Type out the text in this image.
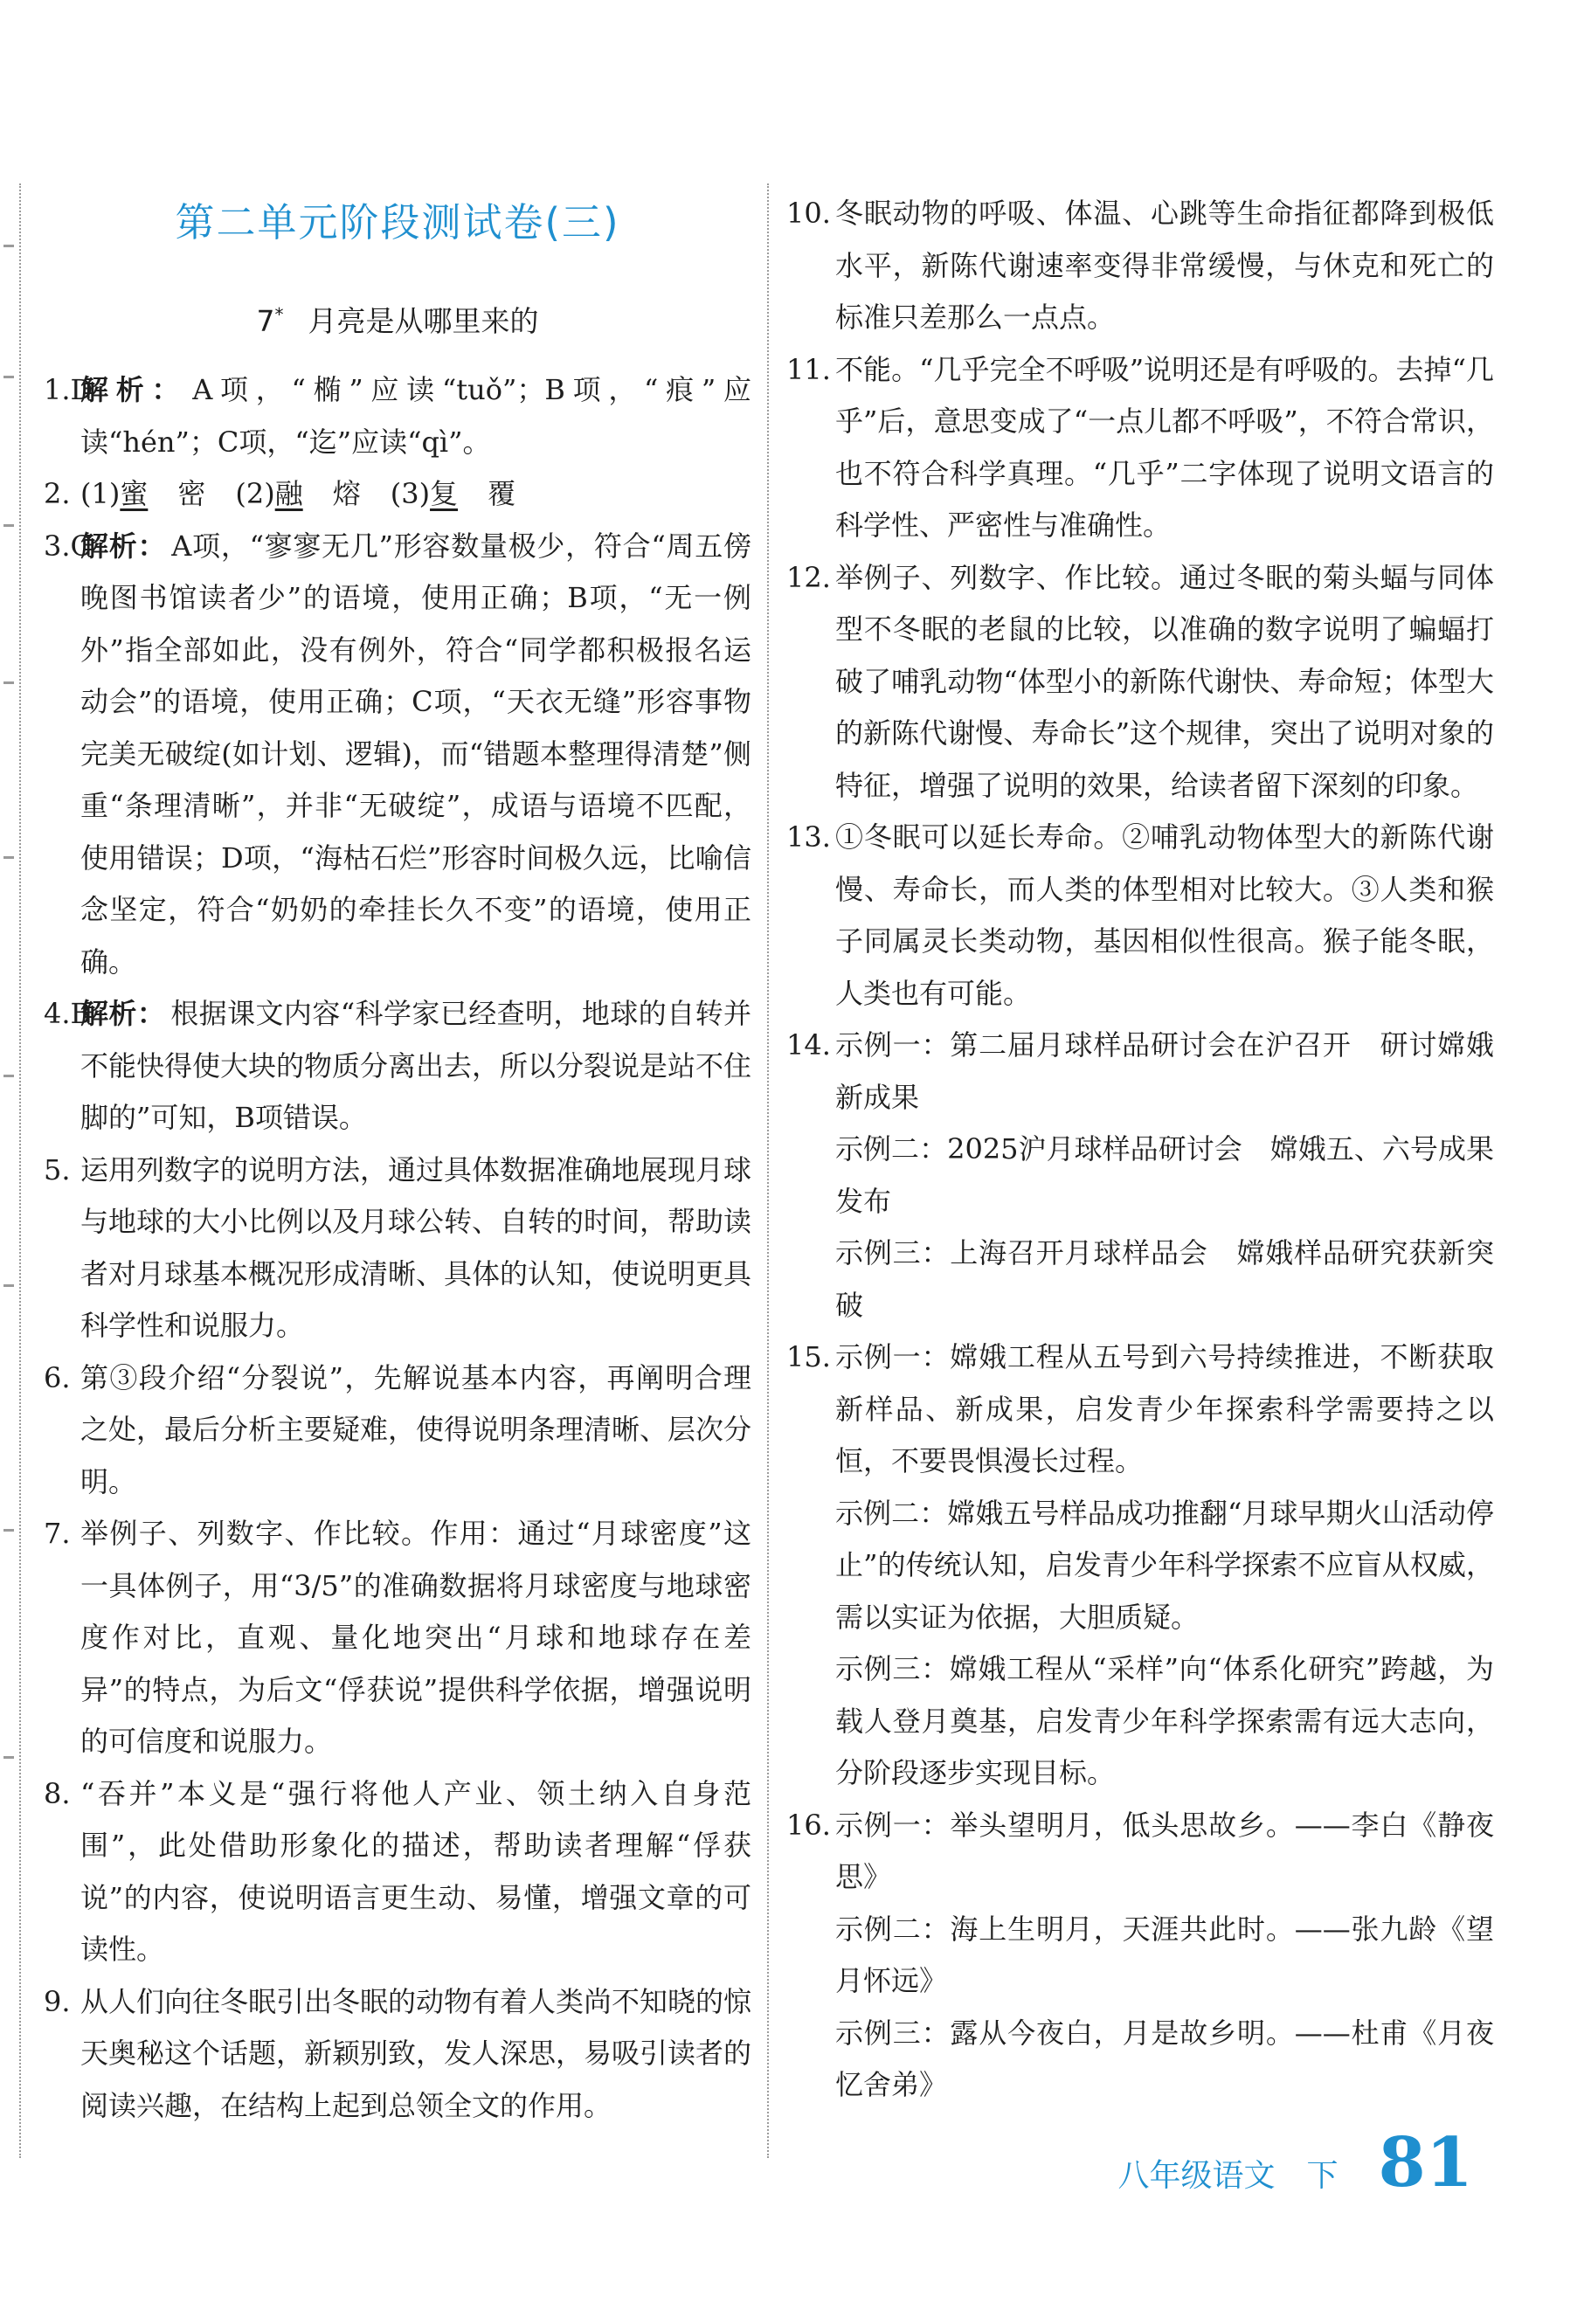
第二单元阶段测试卷(三)
7* 月亮是从哪里来的
1.D
解析： A项，“椭”应读“tuǒ”；B项，“痕”应读“hén”；C项，“迄”应读“qì”。
2. (1)蜜 密 (2)融 熔 (3)复 覆
3.C
解析： A项，“寥寥无几”形容数量极少，符合“周五傍晚图书馆读者少”的语境，使用正确；B项，“无一例外”指全部如此，没有例外，符合“同学都积极报名运动会”的语境，使用正确；C项，“天衣无缝”形容事物完美无破绽(如计划、逻辑)，而“错题本整理得清楚”侧重“条理清晰”，并非“无破绽”，成语与语境不匹配，使用错误；D项，“海枯石烂”形容时间极久远，比喻信念坚定，符合“奶奶的牵挂长久不变”的语境，使用正确。
4.B
解析： 根据课文内容“科学家已经查明，地球的自转并不能快得使大块的物质分离出去，所以分裂说是站不住脚的”可知，B项错误。
5. 运用列数字的说明方法，通过具体数据准确地展现月球与地球的大小比例以及月球公转、自转的时间，帮助读者对月球基本概况形成清晰、具体的认知，使说明更具科学性和说服力。
6. 第③段介绍“分裂说”，先解说基本内容，再阐明合理之处，最后分析主要疑难，使得说明条理清晰、层次分明。
7. 举例子、列数字、作比较。作用：通过“月球密度”这一具体例子，用“3/5”的准确数据将月球密度与地球密度作对比，直观、量化地突出“月球和地球存在差异”的特点，为后文“俘获说”提供科学依据，增强说明的可信度和说服力。
8. “吞并”本义是“强行将他人产业、领土纳入自身范围”，此处借助形象化的描述，帮助读者理解“俘获说”的内容，使说明语言更生动、易懂，增强文章的可读性。
9. 从人们向往冬眠引出冬眠的动物有着人类尚不知晓的惊天奥秘这个话题，新颖别致，发人深思，易吸引读者的阅读兴趣，在结构上起到总领全文的作用。
10. 冬眠动物的呼吸、体温、心跳等生命指征都降到极低水平，新陈代谢速率变得非常缓慢，与休克和死亡的标准只差那么一点点。
11. 不能。“几乎完全不呼吸”说明还是有呼吸的。去掉“几乎”后，意思变成了“一点儿都不呼吸”，不符合常识，也不符合科学真理。“几乎”二字体现了说明文语言的科学性、严密性与准确性。
12. 举例子、列数字、作比较。通过冬眠的菊头蝠与同体型不冬眠的老鼠的比较，以准确的数字说明了蝙蝠打破了哺乳动物“体型小的新陈代谢快、寿命短；体型大的新陈代谢慢、寿命长”这个规律，突出了说明对象的特征，增强了说明的效果，给读者留下深刻的印象。
13. ①冬眠可以延长寿命。②哺乳动物体型大的新陈代谢慢、寿命长，而人类的体型相对比较大。③人类和猴子同属灵长类动物，基因相似性很高。猴子能冬眠，人类也有可能。
14. 示例一：第二届月球样品研讨会在沪召开　研讨嫦娥新成果
示例二：2025沪月球样品研讨会　嫦娥五、六号成果发布
示例三：上海召开月球样品会　嫦娥样品研究获新突破
15. 示例一：嫦娥工程从五号到六号持续推进，不断获取新样品、新成果，启发青少年探索科学需要持之以恒，不要畏惧漫长过程。
示例二：嫦娥五号样品成功推翻“月球早期火山活动停止”的传统认知，启发青少年科学探索不应盲从权威，需以实证为依据，大胆质疑。
示例三：嫦娥工程从“采样”向“体系化研究”跨越，为载人登月奠基，启发青少年科学探索需有远大志向，分阶段逐步实现目标。
16. 示例一：举头望明月，低头思故乡。——李白《静夜思》
示例二：海上生明月，天涯共此时。——张九龄《望月怀远》
示例三：露从今夜白，月是故乡明。——杜甫《月夜忆舍弟》
八年级语文　下 81
